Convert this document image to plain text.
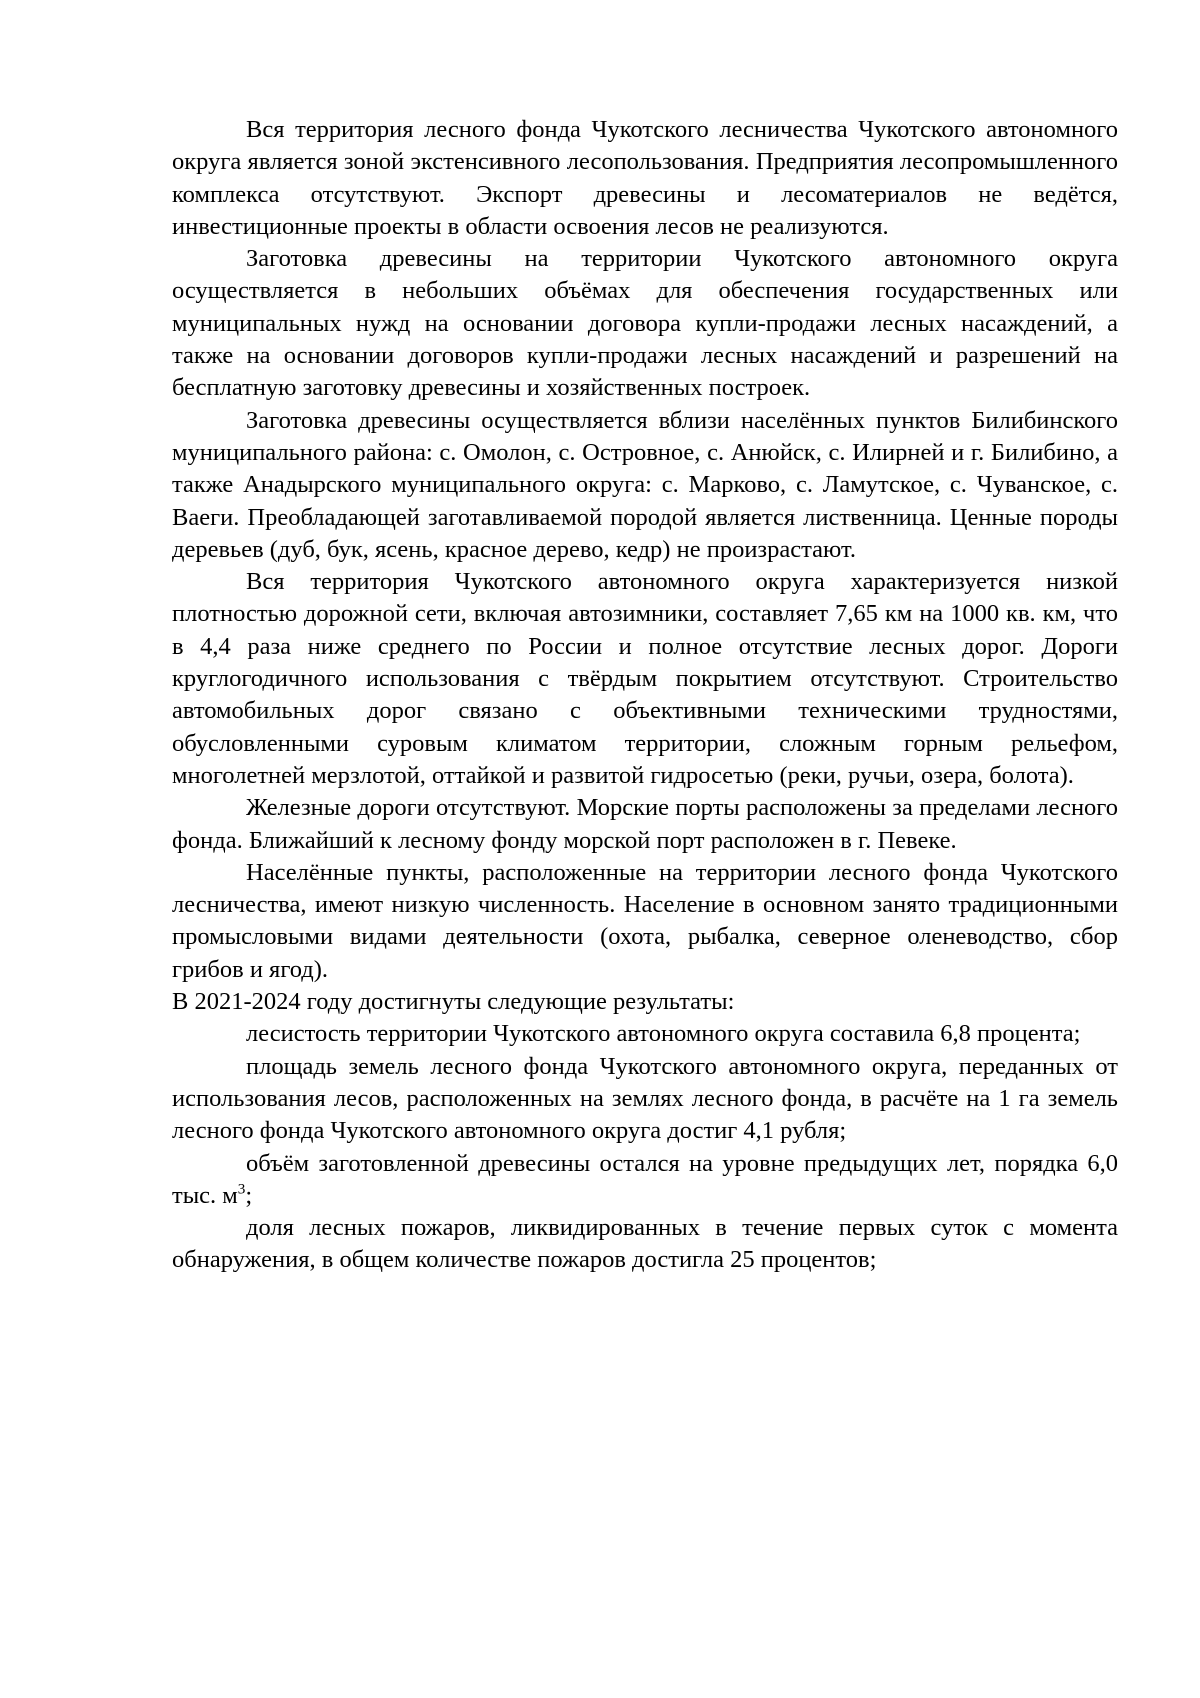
Вся территория лесного фонда Чукотского лесничества Чукотского автономного округа является зоной экстенсивного лесопользования. Предприятия лесопромышленного комплекса отсутствуют. Экспорт древесины и лесоматериалов не ведётся, инвестиционные проекты в области освоения лесов не реализуются.

Заготовка древесины на территории Чукотского автономного округа осуществляется в небольших объёмах для обеспечения государственных или муниципальных нужд на основании договора купли-продажи лесных насаждений, а также на основании договоров купли-продажи лесных насаждений и разрешений на бесплатную заготовку древесины и хозяйственных построек.

Заготовка древесины осуществляется вблизи населённых пунктов Билибинского муниципального района: с. Омолон, с. Островное, с. Анюйск, с. Илирней и г. Билибино, а также Анадырского муниципального округа: с. Марково, с. Ламутское, с. Чуванское, с. Ваеги. Преобладающей заготавливаемой породой является лиственница. Ценные породы деревьев (дуб, бук, ясень, красное дерево, кедр) не произрастают.

Вся территория Чукотского автономного округа характеризуется низкой плотностью дорожной сети, включая автозимники, составляет 7,65 км на 1000 кв. км, что в 4,4 раза ниже среднего по России и полное отсутствие лесных дорог. Дороги круглогодичного использования с твёрдым покрытием отсутствуют. Строительство автомобильных дорог связано с объективными техническими трудностями, обусловленными суровым климатом территории, сложным горным рельефом, многолетней мерзлотой, оттайкой и развитой гидросетью (реки, ручьи, озера, болота).

Железные дороги отсутствуют. Морские порты расположены за пределами лесного фонда. Ближайший к лесному фонду морской порт расположен в г. Певеке.

Населённые пункты, расположенные на территории лесного фонда Чукотского лесничества, имеют низкую численность. Население в основном занято традиционными промысловыми видами деятельности (охота, рыбалка, северное оленеводство, сбор грибов и ягод).

В 2021-2024 году достигнуты следующие результаты:

лесистость территории Чукотского автономного округа составила 6,8 процента;

площадь земель лесного фонда Чукотского автономного округа, переданных от использования лесов, расположенных на землях лесного фонда, в расчёте на 1 га земель лесного фонда Чукотского автономного округа достиг 4,1 рубля;

объём заготовленной древесины остался на уровне предыдущих лет, порядка 6,0 тыс. $м^3$;

доля лесных пожаров, ликвидированных в течение первых суток с момента обнаружения, в общем количестве пожаров достигла 25 процентов;
